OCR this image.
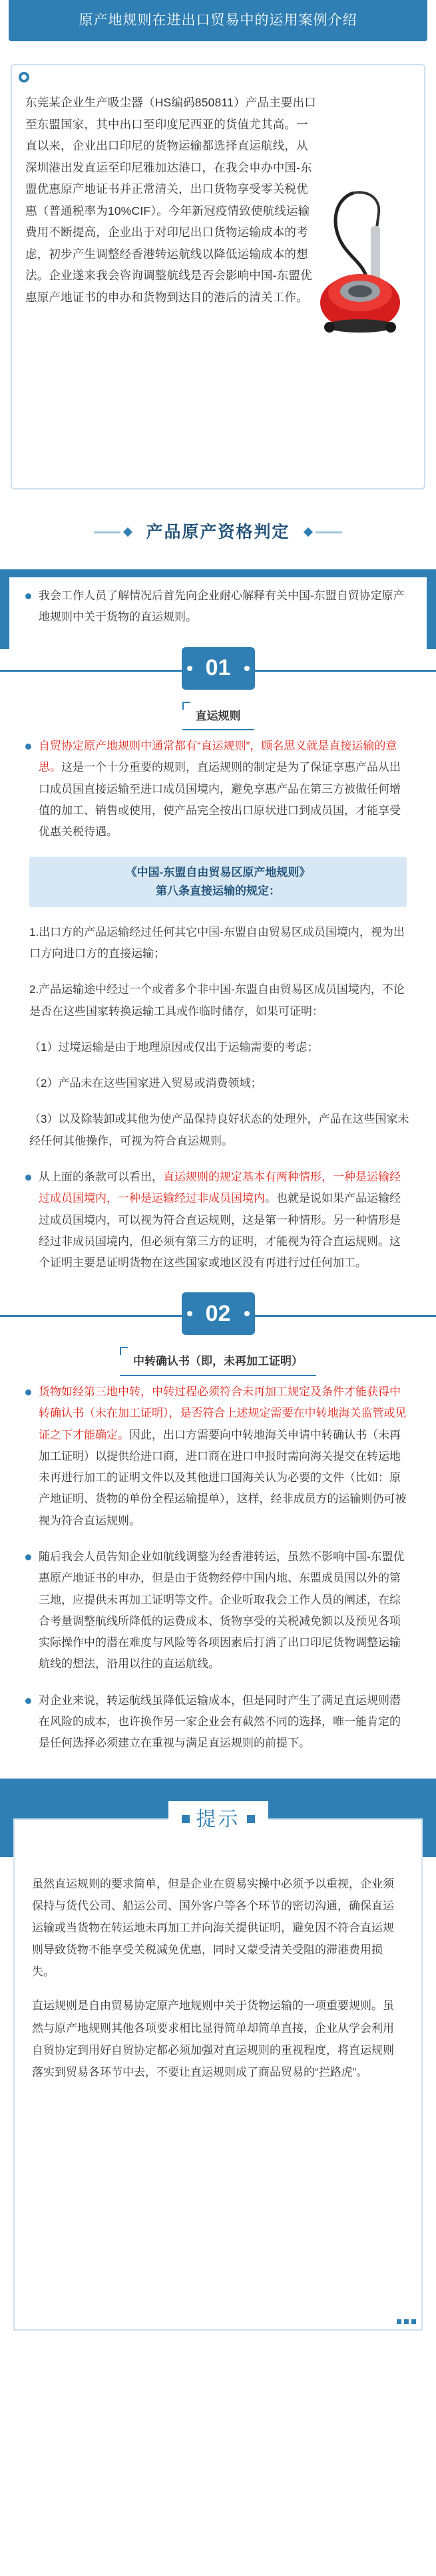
原产地规则在进出口贸易中的运用案例介绍

东莞某企业生产吸尘器（HS编码850811）产品主要出口至东盟国家，其中出口至印度尼西亚的货值尤其高。一直以来，企业出口印尼的货物运输都选择直运航线，从深圳港出发直运至印尼雅加达港口，在我会申办中国-东盟优惠原产地证书并正常清关，出口货物享受零关税优惠（普通税率为10%CIF）。今年新冠疫情致使航线运输费用不断提高，企业出于对印尼出口货物运输成本的考虑，初步产生调整经香港转运航线以降低运输成本的想法。企业遂来我会咨询调整航线是否会影响中国-东盟优惠原产地证书的申办和货物到达目的港后的清关工作。

产品原产资格判定

我会工作人员了解情况后首先向企业耐心解释有关中国-东盟自贸协定原产地规则中关于货物的直运规则。

01
直运规则

自贸协定原产地规则中通常都有“直运规则”，顾名思义就是直接运输的意思。这是一个十分重要的规则，直运规则的制定是为了保证享惠产品从出口成员国直接运输至进口成员国境内，避免享惠产品在第三方被做任何增值的加工、销售或使用，使产品完全按出口原状进口到成员国，才能享受优惠关税待遇。

《中国-东盟自由贸易区原产地规则》
第八条直接运输的规定：

1.出口方的产品运输经过任何其它中国-东盟自由贸易区成员国境内，视为出口方向进口方的直接运输；

2.产品运输途中经过一个或者多个非中国-东盟自由贸易区成员国境内，不论是否在这些国家转换运输工具或作临时储存，如果可证明：

（1）过境运输是由于地理原因或仅出于运输需要的考虑；

（2）产品未在这些国家进入贸易或消费领域；

（3）以及除装卸或其他为使产品保持良好状态的处理外，产品在这些国家未经任何其他操作，可视为符合直运规则。

从上面的条款可以看出，直运规则的规定基本有两种情形，一种是运输经过成员国境内，一种是运输经过非成员国境内。也就是说如果产品运输经过成员国境内，可以视为符合直运规则，这是第一种情形。另一种情形是经过非成员国境内，但必须有第三方的证明，才能视为符合直运规则。这个证明主要是证明货物在这些国家或地区没有再进行过任何加工。

02
中转确认书（即，未再加工证明）

货物如经第三地中转，中转过程必须符合未再加工规定及条件才能获得中转确认书（未在加工证明），是否符合上述规定需要在中转地海关监管或见证之下才能确定。因此，出口方需要向中转地海关申请中转确认书（未再加工证明）以提供给进口商，进口商在进口申报时需向海关提交在转运地未再进行加工的证明文件以及其他进口国海关认为必要的文件（比如：原产地证明、货物的单份全程运输提单），这样，经非成员方的运输则仍可被视为符合直运规则。

随后我会人员告知企业如航线调整为经香港转运，虽然不影响中国-东盟优惠原产地证书的申办，但是由于货物经停中国内地、东盟成员国以外的第三地，应提供未再加工证明等文件。企业听取我会工作人员的阐述，在综合考量调整航线所降低的运费成本、货物享受的关税减免额以及预见各项实际操作中的潜在难度与风险等各项因素后打消了出口印尼货物调整运输航线的想法，沿用以往的直运航线。

对企业来说，转运航线虽降低运输成本，但是同时产生了满足直运规则潜在风险的成本，也许换作另一家企业会有截然不同的选择，唯一能肯定的是任何选择必须建立在重视与满足直运规则的前提下。

提示

虽然直运规则的要求简单，但是企业在贸易实操中必须予以重视，企业须保持与货代公司、船运公司、国外客户等各个环节的密切沟通，确保直运运输或当货物在转运地未再加工并向海关提供证明，避免因不符合直运规则导致货物不能享受关税减免优惠，同时又蒙受清关受阻的滞港费用损失。

直运规则是自由贸易协定原产地规则中关于货物运输的一项重要规则。虽然与原产地规则其他各项要求相比显得简单却简单直接，企业从学会利用自贸协定到用好自贸协定都必须加强对直运规则的重视程度，将直运规则落实到贸易各环节中去，不要让直运规则成了商品贸易的“拦路虎”。
